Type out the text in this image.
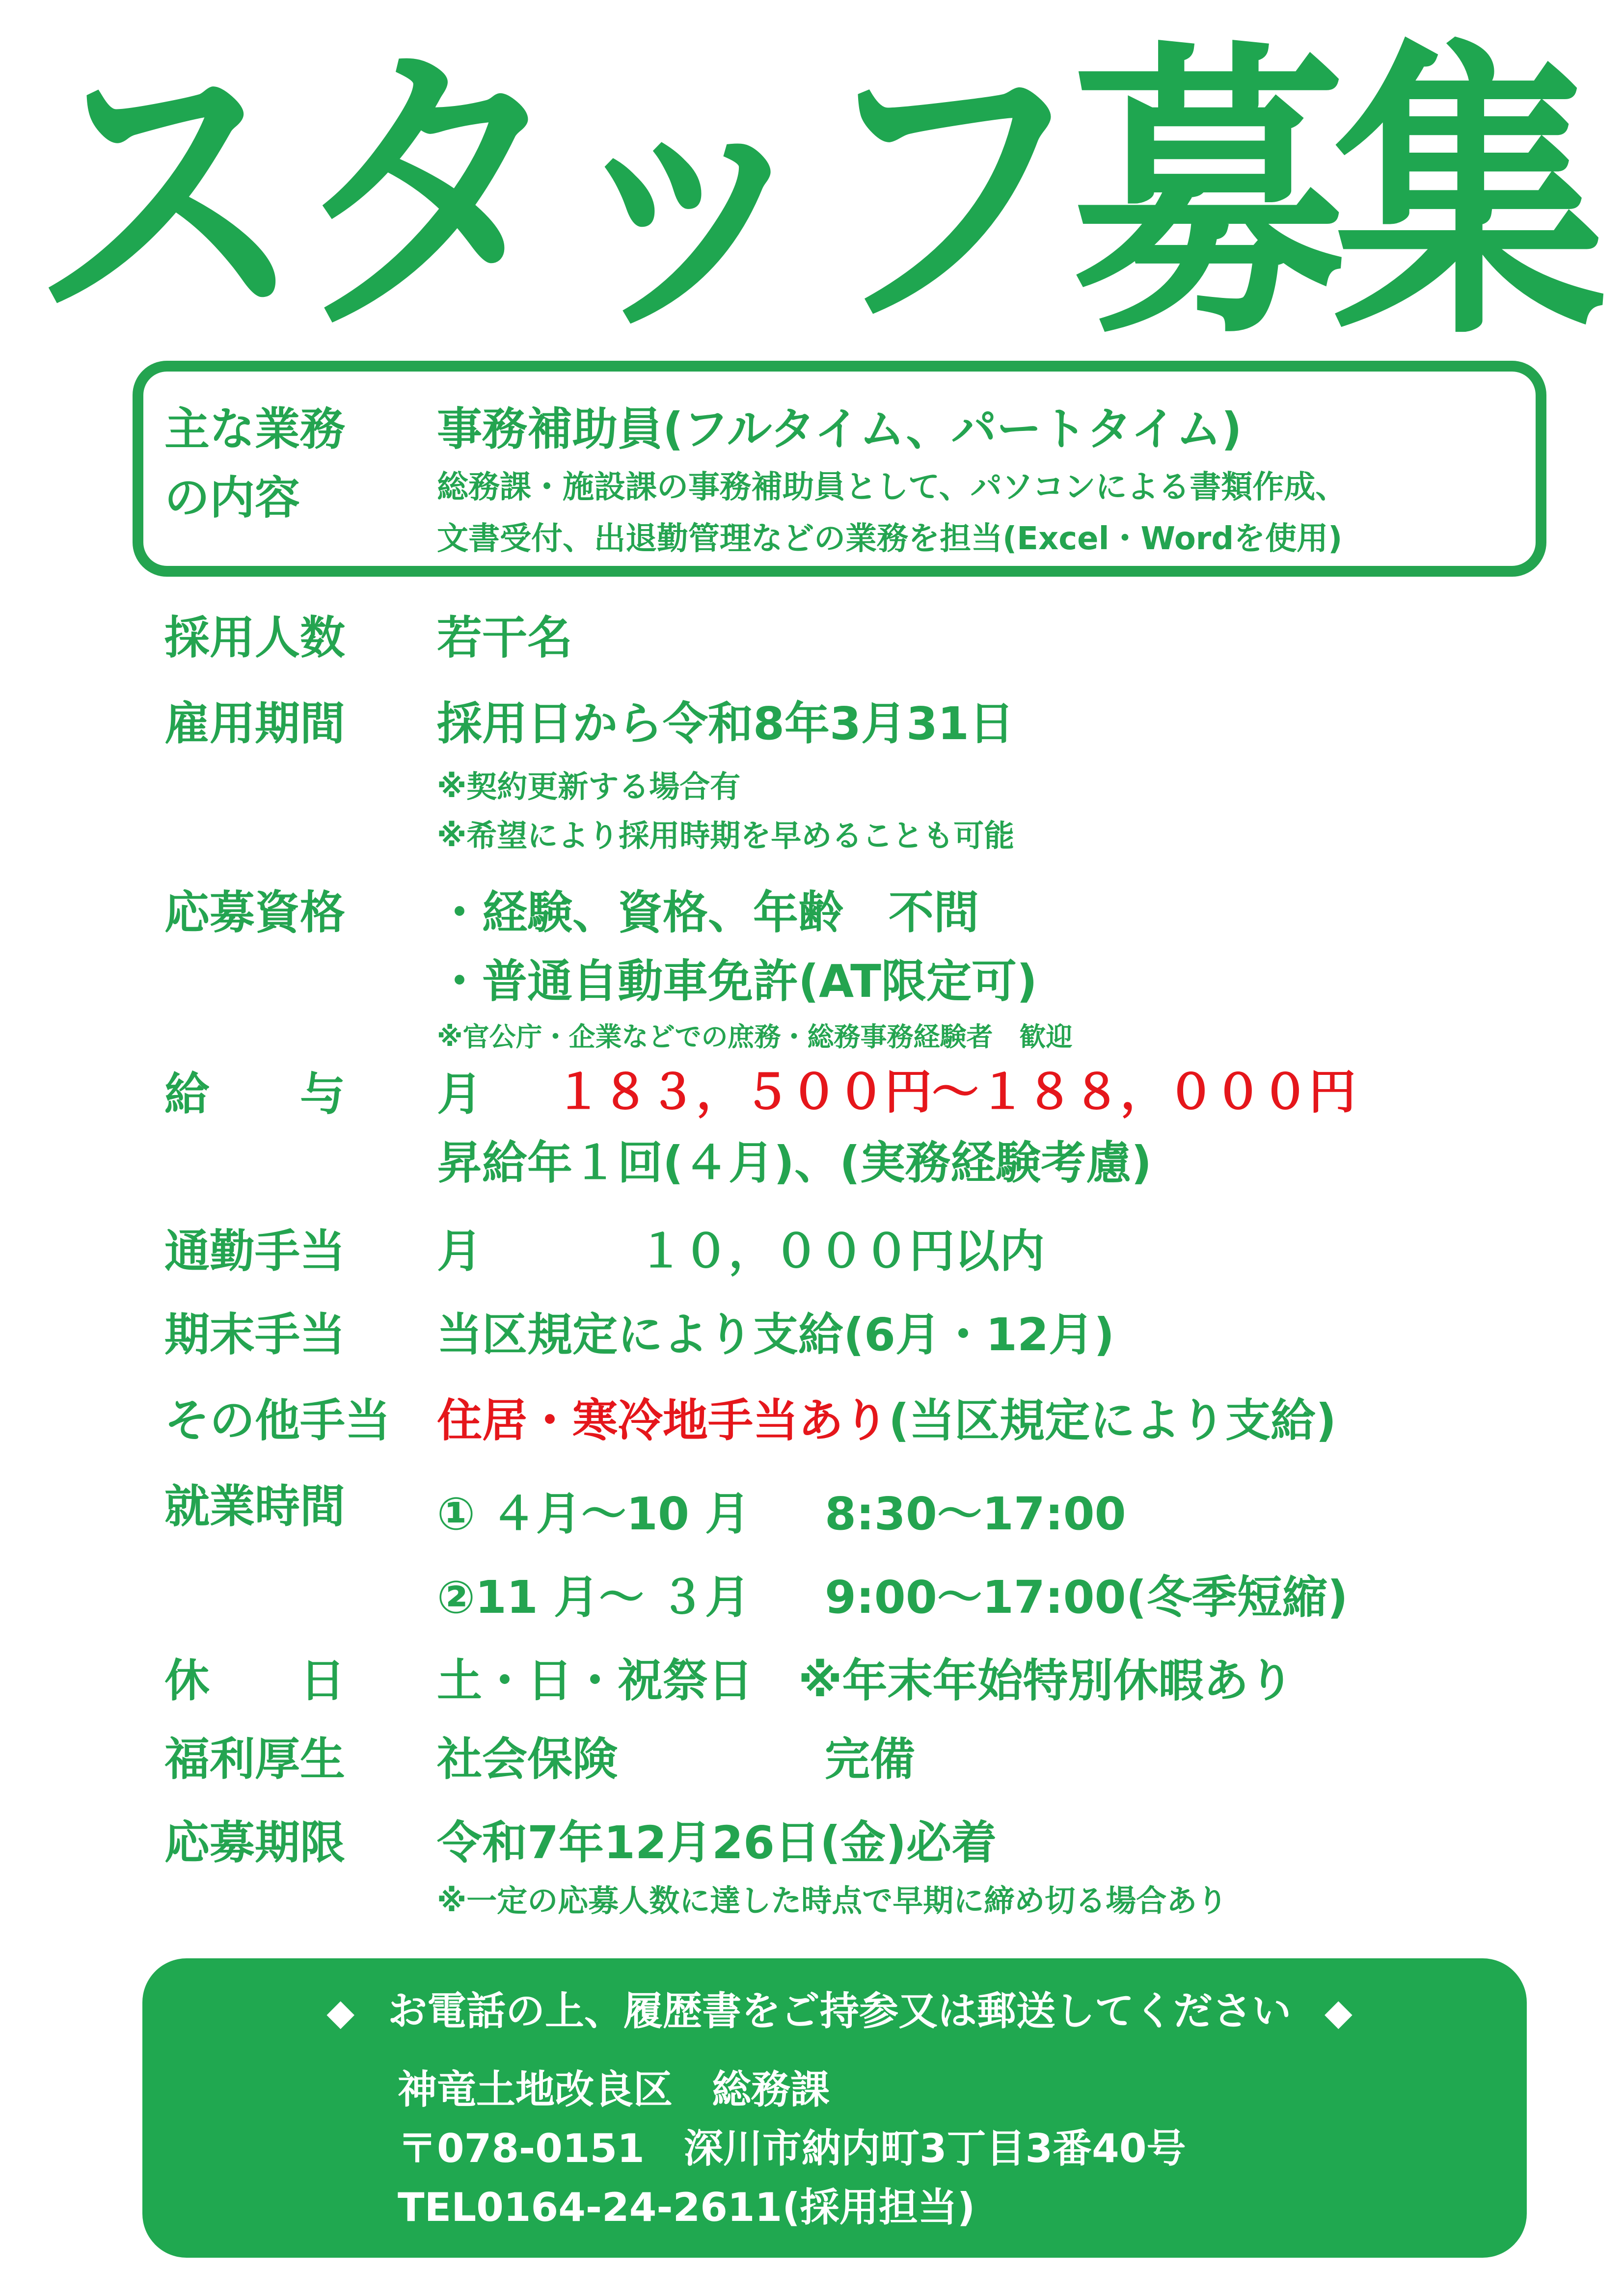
スタッフ募集
主な業務
の内容
事務補助員(フルタイム、パートタイム)
総務課・施設課の事務補助員として、パソコンによる書類作成、
文書受付、出退勤管理などの業務を担当(Excel・Wordを使用)
採用人数 若干名
雇用期間 採用日から令和8年3月31日
※契約更新する場合有
※希望により採用時期を早めることも可能
応募資格 ・経験、資格、年齢　不問
・普通自動車免許(AT限定可)
※官公庁・企業などでの庶務・総務事務経験者　歓迎
給　　与 月 １８３，５００円～１８８，０００円
昇給年１回(４月)、(実務経験考慮)
通勤手当 月	１０，０００円以内
期末手当 当区規定により支給(6月・12月)
その他手当 住居・寒冷地手当あり(当区規定により支給)
就業時間 ① ４月～10 月 8:30～17:00
②11 月～ ３月 9:00～17:00(冬季短縮)
休　　日 土・日・祝祭日　※年末年始特別休暇あり
福利厚生 社会保険	完備
応募期限 令和7年12月26日(金)必着
※一定の応募人数に達した時点で早期に締め切る場合あり
◆ お電話の上、履歴書をご持参又は郵送してください ◆
神竜土地改良区　総務課
〒078-0151　深川市納内町3丁目3番40号
TEL0164-24-2611(採用担当)
